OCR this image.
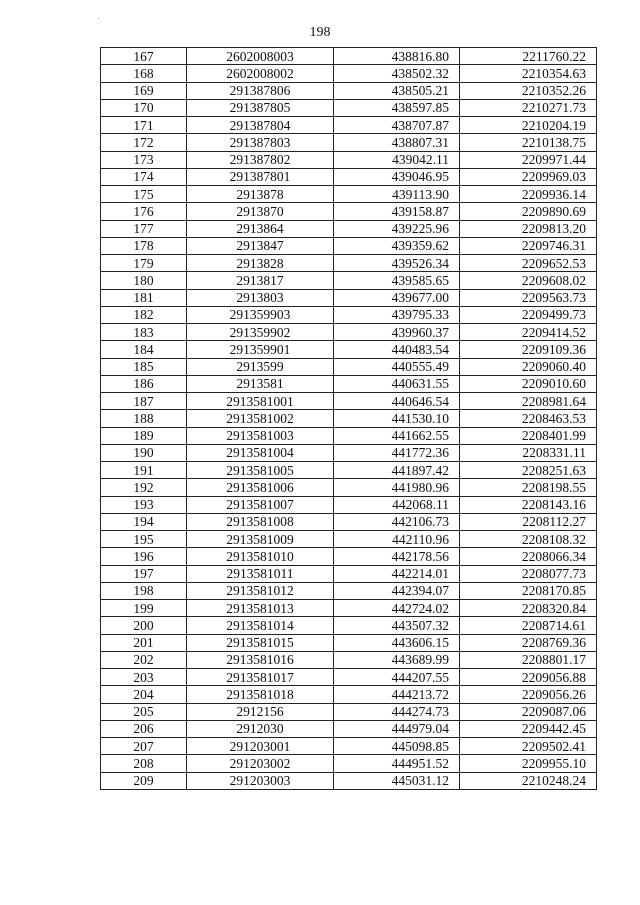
198
167	2602008003	438816.80	2211760.22
168	2602008002	438502.32	2210354.63
169	291387806	438505.21	2210352.26
170	291387805	438597.85	2210271.73
171	291387804	438707.87	2210204.19
172	291387803	438807.31	2210138.75
173	291387802	439042.11	2209971.44
174	291387801	439046.95	2209969.03
175	2913878	439113.90	2209936.14
176	2913870	439158.87	2209890.69
177	2913864	439225.96	2209813.20
178	2913847	439359.62	2209746.31
179	2913828	439526.34	2209652.53
180	2913817	439585.65	2209608.02
181	2913803	439677.00	2209563.73
182	291359903	439795.33	2209499.73
183	291359902	439960.37	2209414.52
184	291359901	440483.54	2209109.36
185	2913599	440555.49	2209060.40
186	2913581	440631.55	2209010.60
187	2913581001	440646.54	2208981.64
188	2913581002	441530.10	2208463.53
189	2913581003	441662.55	2208401.99
190	2913581004	441772.36	2208331.11
191	2913581005	441897.42	2208251.63
192	2913581006	441980.96	2208198.55
193	2913581007	442068.11	2208143.16
194	2913581008	442106.73	2208112.27
195	2913581009	442110.96	2208108.32
196	2913581010	442178.56	2208066.34
197	2913581011	442214.01	2208077.73
198	2913581012	442394.07	2208170.85
199	2913581013	442724.02	2208320.84
200	2913581014	443507.32	2208714.61
201	2913581015	443606.15	2208769.36
202	2913581016	443689.99	2208801.17
203	2913581017	444207.55	2209056.88
204	2913581018	444213.72	2209056.26
205	2912156	444274.73	2209087.06
206	2912030	444979.04	2209442.45
207	291203001	445098.85	2209502.41
208	291203002	444951.52	2209955.10
209	291203003	445031.12	2210248.24
